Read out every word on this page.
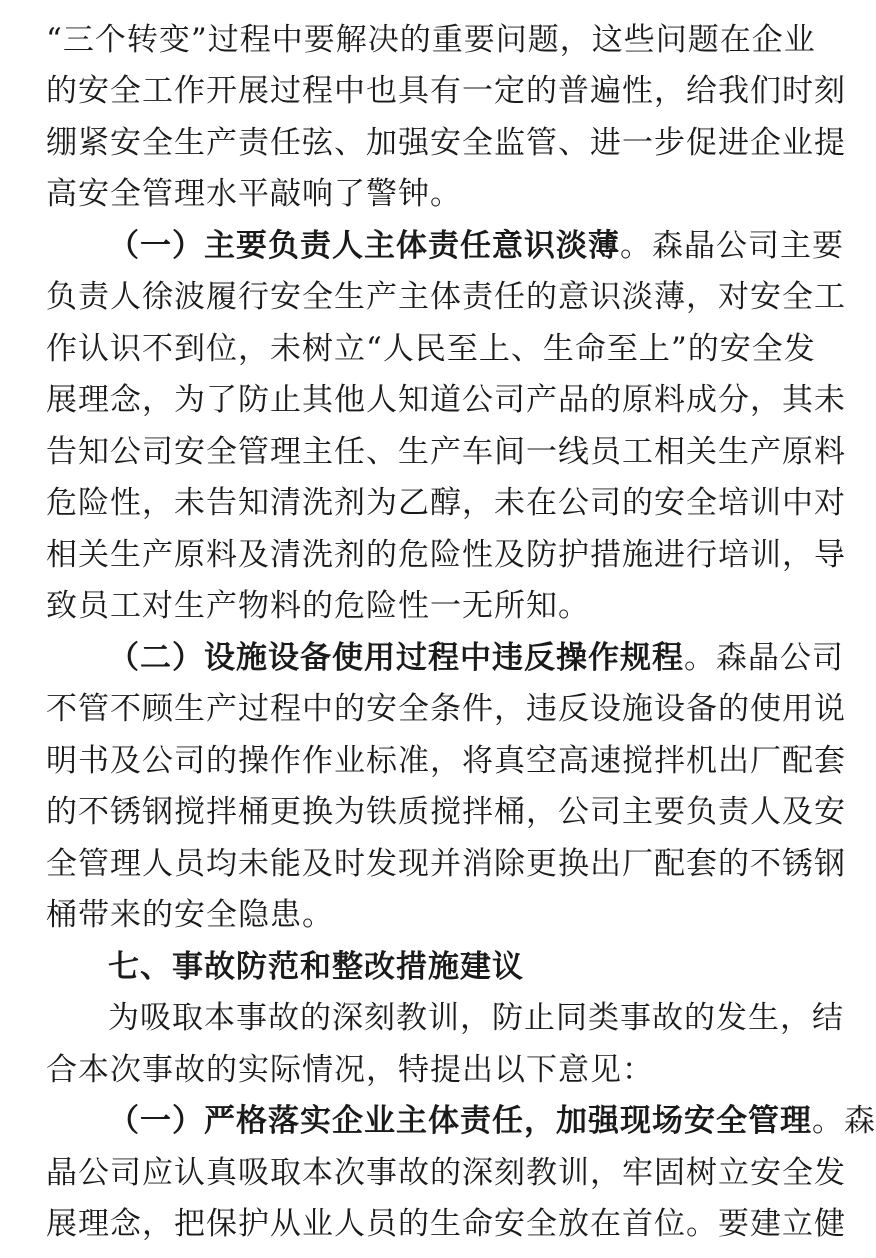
“三个转变”过程中要解决的重要问题，这些问题在企业
的安全工作开展过程中也具有一定的普遍性，给我们时刻
绷紧安全生产责任弦、加强安全监管、进一步促进企业提
高安全管理水平敲响了警钟。
（一）主要负责人主体责任意识淡薄。森晶公司主要
负责人徐波履行安全生产主体责任的意识淡薄，对安全工
作认识不到位，未树立“人民至上、生命至上”的安全发
展理念，为了防止其他人知道公司产品的原料成分，其未
告知公司安全管理主任、生产车间一线员工相关生产原料
危险性，未告知清洗剂为乙醇，未在公司的安全培训中对
相关生产原料及清洗剂的危险性及防护措施进行培训，导
致员工对生产物料的危险性一无所知。
（二）设施设备使用过程中违反操作规程。森晶公司
不管不顾生产过程中的安全条件，违反设施设备的使用说
明书及公司的操作作业标准，将真空高速搅拌机出厂配套
的不锈钢搅拌桶更换为铁质搅拌桶，公司主要负责人及安
全管理人员均未能及时发现并消除更换出厂配套的不锈钢
桶带来的安全隐患。
七、事故防范和整改措施建议
为吸取本事故的深刻教训，防止同类事故的发生，结
合本次事故的实际情况，特提出以下意见：
（一）严格落实企业主体责任，加强现场安全管理。森
晶公司应认真吸取本次事故的深刻教训，牢固树立安全发
展理念，把保护从业人员的生命安全放在首位。要建立健
